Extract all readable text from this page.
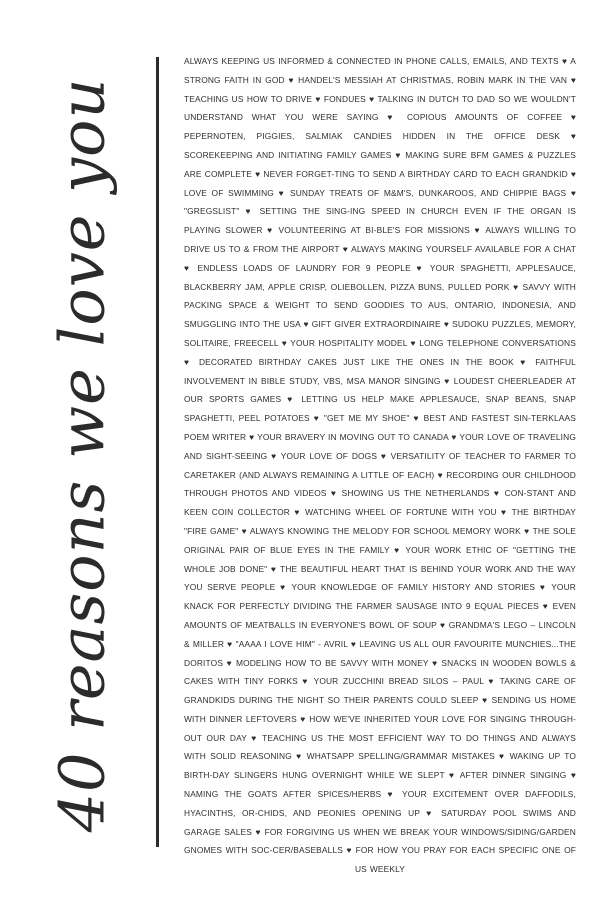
40 reasons we love you

ALWAYS KEEPING US INFORMED & CONNECTED IN PHONE CALLS, EMAILS, AND TEXTS ♥ A STRONG FAITH IN GOD ♥ HANDEL'S MESSIAH AT CHRISTMAS, ROBIN MARK IN THE VAN ♥ TEACHING US HOW TO DRIVE ♥ FONDUES ♥ TALKING IN DUTCH TO DAD SO WE WOULDN'T UNDERSTAND WHAT YOU WERE SAYING ♥ COPIOUS AMOUNTS OF COFFEE ♥ PEPERNOTEN, PIGGIES, SALMIAK CANDIES HIDDEN IN THE OFFICE DESK ♥ SCOREKEEPING AND INITIATING FAMILY GAMES ♥ MAKING SURE BFM GAMES & PUZZLES ARE COMPLETE ♥ NEVER FORGET-TING TO SEND A BIRTHDAY CARD TO EACH GRANDKID ♥ LOVE OF SWIMMING ♥ SUNDAY TREATS OF M&M'S, DUNKAROOS, AND CHIPPIE BAGS ♥ "GREGSLIST" ♥ SETTING THE SING-ING SPEED IN CHURCH EVEN IF THE ORGAN IS PLAYING SLOWER ♥ VOLUNTEERING AT BI-BLE'S FOR MISSIONS ♥ ALWAYS WILLING TO DRIVE US TO & FROM THE AIRPORT ♥ ALWAYS MAKING YOURSELF AVAILABLE FOR A CHAT ♥ ENDLESS LOADS OF LAUNDRY FOR 9 PEOPLE ♥ YOUR SPAGHETTI, APPLESAUCE, BLACKBERRY JAM, APPLE CRISP, OLIEBOLLEN, PIZZA BUNS, PULLED PORK ♥ SAVVY WITH PACKING SPACE & WEIGHT TO SEND GOODIES TO AUS, ONTARIO, INDONESIA, AND SMUGGLING INTO THE USA ♥ GIFT GIVER EXTRAORDINAIRE ♥ SUDOKU PUZZLES, MEMORY, SOLITAIRE, FREECELL ♥ YOUR HOSPITALITY MODEL ♥ LONG TELEPHONE CONVERSATIONS ♥ DECORATED BIRTHDAY CAKES JUST LIKE THE ONES IN THE BOOK ♥ FAITHFUL INVOLVEMENT IN BIBLE STUDY, VBS, MSA MANOR SINGING ♥ LOUDEST CHEERLEADER AT OUR SPORTS GAMES ♥ LETTING US HELP MAKE APPLESAUCE, SNAP BEANS, SNAP SPAGHETTI, PEEL POTATOES ♥ "GET ME MY SHOE" ♥ BEST AND FASTEST SIN-TERKLAAS POEM WRITER ♥ YOUR BRAVERY IN MOVING OUT TO CANADA ♥ YOUR LOVE OF TRAVELING AND SIGHT-SEEING ♥ YOUR LOVE OF DOGS ♥ VERSATILITY OF TEACHER TO FARMER TO CARETAKER (AND ALWAYS REMAINING A LITTLE OF EACH) ♥ RECORDING OUR CHILDHOOD THROUGH PHOTOS AND VIDEOS ♥ SHOWING US THE NETHERLANDS ♥ CON-STANT AND KEEN COIN COLLECTOR ♥ WATCHING WHEEL OF FORTUNE WITH YOU ♥ THE BIRTHDAY "FIRE GAME" ♥ ALWAYS KNOWING THE MELODY FOR SCHOOL MEMORY WORK ♥ THE SOLE ORIGINAL PAIR OF BLUE EYES IN THE FAMILY ♥ YOUR WORK ETHIC OF "GETTING THE WHOLE JOB DONE" ♥ THE BEAUTIFUL HEART THAT IS BEHIND YOUR WORK AND THE WAY YOU SERVE PEOPLE ♥ YOUR KNOWLEDGE OF FAMILY HISTORY AND STORIES ♥ YOUR KNACK FOR PERFECTLY DIVIDING THE FARMER SAUSAGE INTO 9 EQUAL PIECES ♥ EVEN AMOUNTS OF MEATBALLS IN EVERYONE'S BOWL OF SOUP ♥ GRANDMA'S LEGO – LINCOLN & MILLER ♥ "AAAA I LOVE HIM" - AVRIL ♥ LEAVING US ALL OUR FAVOURITE MUNCHIES...THE DORITOS ♥ MODELING HOW TO BE SAVVY WITH MONEY ♥ SNACKS IN WOODEN BOWLS & CAKES WITH TINY FORKS ♥ YOUR ZUCCHINI BREAD SILOS – PAUL ♥ TAKING CARE OF GRANDKIDS DURING THE NIGHT SO THEIR PARENTS COULD SLEEP ♥ SENDING US HOME WITH DINNER LEFTOVERS ♥ HOW WE'VE INHERITED YOUR LOVE FOR SINGING THROUGH-OUT OUR DAY ♥ TEACHING US THE MOST EFFICIENT WAY TO DO THINGS AND ALWAYS WITH SOLID REASONING ♥ WHATSAPP SPELLING/GRAMMAR MISTAKES ♥ WAKING UP TO BIRTH-DAY SLINGERS HUNG OVERNIGHT WHILE WE SLEPT ♥ AFTER DINNER SINGING ♥ NAMING THE GOATS AFTER SPICES/HERBS ♥ YOUR EXCITEMENT OVER DAFFODILS, HYACINTHS, OR-CHIDS, AND PEONIES OPENING UP ♥ SATURDAY POOL SWIMS AND GARAGE SALES ♥ FOR FORGIVING US WHEN WE BREAK YOUR WINDOWS/SIDING/GARDEN GNOMES WITH SOC-CER/BASEBALLS ♥ FOR HOW YOU PRAY FOR EACH SPECIFIC ONE OF US WEEKLY
